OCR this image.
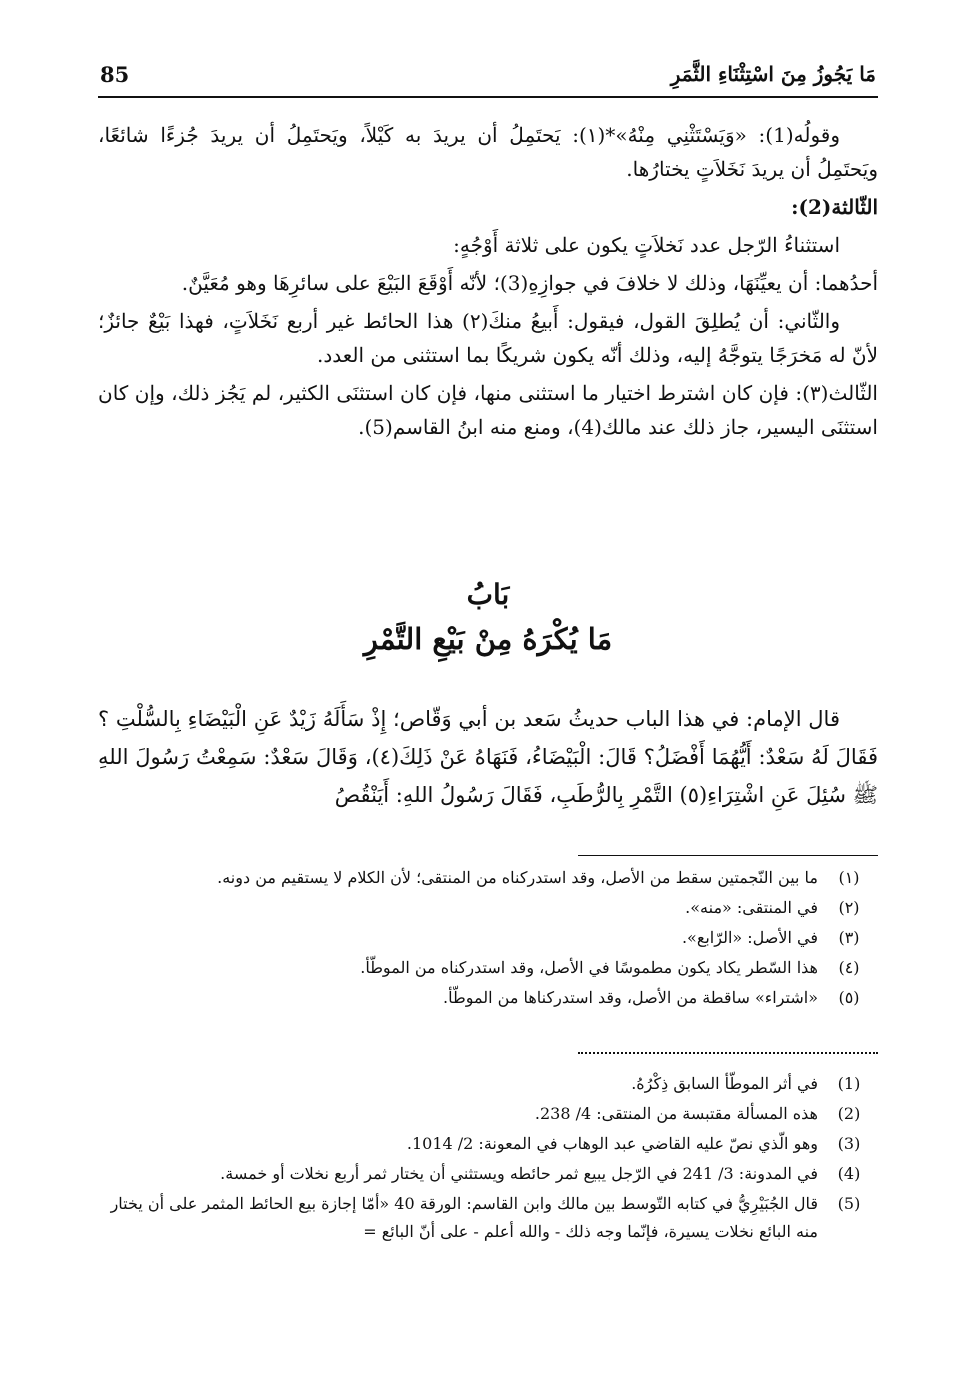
85	مَا يَجُوزُ مِنَ اسْتِثْنَاءِ الثَّمَرِ

وقولُه(1): «وَيَسْتَثْنِي مِنْهُ»*(١): يَحتَمِلُ أن يريدَ به كَيْلاً، ويَحتَمِلُ أن يريدَ جُزءًا شائعًا، ويَحتَمِلُ أن يريدَ نَخَلاَتٍ يختارُها.

الثّالثة(2):

استثناءُ الرّجل عدد نَخلاَتٍ يكون على ثلاثة أَوْجُهٍ:

أحدُهما: أن يعيِّنَهَا، وذلك لا خلافَ في جوازِهِ(3)؛ لأنّه أَوْقَعَ البَيْعَ على سائرِهَا وهو مُعَيَّنٌ.

والثّاني: أن يُطلِقَ القول، فيقول: أَبيعُ منكَ(٢) هذا الحائط غير أربع نَخَلاَتٍ، فهذا بَيْعٌ جائزٌ؛ لأنّ له مَخرَجًا يتوجَّهُ إليه، وذلك أنّه يكون شريكًا بما استثنى من العدد.

الثّالث(٣): فإن كان اشترط اختيار ما استثنى منها، فإن كان استثنَى الكثير، لم يَجُز ذلك، وإن كان استثنَى اليسير، جاز ذلك عند مالك(4)، ومنع منه ابنُ القاسم(5).

بَابُ
مَا يُكْرَهُ مِنْ بَيْعِ التَّمْرِ

قال الإمام: في هذا الباب حديثُ سَعد بن أبي وَقّاص؛ إِذْ سَأَلَهُ زَيْدٌ عَنِ الْبَيْضَاءِ بِالسُّلْتِ ؟ فَقَالَ لَهُ سَعْدٌ: أَيُّهُمَا أَفْضَلُ؟ قَالَ: الْبَيْضَاءُ، فَنَهَاهُ عَنْ ذَلِكَ(٤)، وَقَالَ سَعْدٌ: سَمِعْتُ رَسُولَ اللهِ ﷺ سُئِلَ عَنِ اشْتِرَاءِ(٥) التَّمْرِ بِالرُّطَبِ، فَقَالَ رَسُولُ اللهِ: أَيَنْقُصُ

(١)
ما بين النّجمتين سقط من الأصل، وقد استدركناه من المنتقى؛ لأن الكلام لا يستقيم من دونه.
(٢)
في المنتقى: «منه».
(٣)
في الأصل: «الرّابع».
(٤)
هذا السّطر يكاد يكون مطموسًا في الأصل، وقد استدركناه من الموطّأ.
(٥)
«اشتراء» ساقطة من الأصل، وقد استدركناها من الموطّأ.
(1)
في أثر الموطّأ السابق ذِكْرُهُ.
(2)
هذه المسألة مقتبسة من المنتقى: 4/ 238.
(3)
وهو الّذي نصّ عليه القاضي عبد الوهاب في المعونة: 2/ 1014.
(4)
في المدونة: 3/ 241 في الرّجل يبيع ثمر حائطه ويستثني أن يختار ثمر أربع نخلات أو خمسة.
(5)
قال الجُبَيْرِيُّ في كتابه التّوسط بين مالك وابن القاسم: الورقة 40 «أمّا إجازة بيع الحائط المثمر على أن يختار منه البائع نخلات يسيرة، فإنّما وجه ذلك - والله أعلم - على أنّ البائع =
